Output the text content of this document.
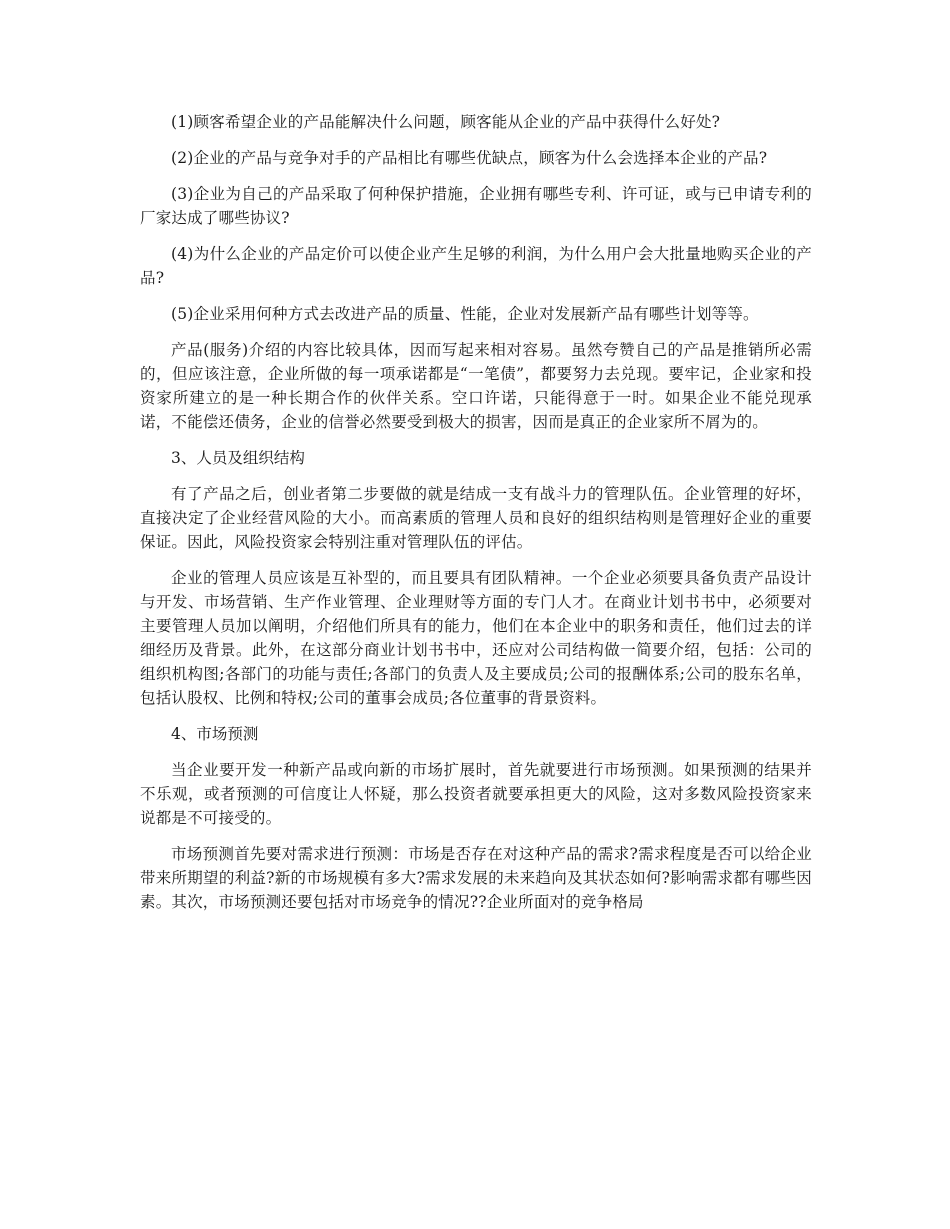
(1)顾客希望企业的产品能解决什么问题，顾客能从企业的产品中获得什么好处?

(2)企业的产品与竞争对手的产品相比有哪些优缺点，顾客为什么会选择本企业的产品?

(3)企业为自己的产品采取了何种保护措施，企业拥有哪些专利、许可证，或与已申请专利的厂家达成了哪些协议?

(4)为什么企业的产品定价可以使企业产生足够的利润，为什么用户会大批量地购买企业的产品?

(5)企业采用何种方式去改进产品的质量、性能，企业对发展新产品有哪些计划等等。

产品(服务)介绍的内容比较具体，因而写起来相对容易。虽然夸赞自己的产品是推销所必需的，但应该注意，企业所做的每一项承诺都是“一笔债”，都要努力去兑现。要牢记，企业家和投资家所建立的是一种长期合作的伙伴关系。空口许诺，只能得意于一时。如果企业不能兑现承诺，不能偿还债务，企业的信誉必然要受到极大的损害，因而是真正的企业家所不屑为的。

3、人员及组织结构

有了产品之后，创业者第二步要做的就是结成一支有战斗力的管理队伍。企业管理的好坏，直接决定了企业经营风险的大小。而高素质的管理人员和良好的组织结构则是管理好企业的重要保证。因此，风险投资家会特别注重对管理队伍的评估。

企业的管理人员应该是互补型的，而且要具有团队精神。一个企业必须要具备负责产品设计与开发、市场营销、生产作业管理、企业理财等方面的专门人才。在商业计划书书中，必须要对主要管理人员加以阐明，介绍他们所具有的能力，他们在本企业中的职务和责任，他们过去的详细经历及背景。此外，在这部分商业计划书书中，还应对公司结构做一简要介绍，包括：公司的组织机构图;各部门的功能与责任;各部门的负责人及主要成员;公司的报酬体系;公司的股东名单，包括认股权、比例和特权;公司的董事会成员;各位董事的背景资料。

4、市场预测

当企业要开发一种新产品或向新的市场扩展时，首先就要进行市场预测。如果预测的结果并不乐观，或者预测的可信度让人怀疑，那么投资者就要承担更大的风险，这对多数风险投资家来说都是不可接受的。

市场预测首先要对需求进行预测：市场是否存在对这种产品的需求?需求程度是否可以给企业带来所期望的利益?新的市场规模有多大?需求发展的未来趋向及其状态如何?影响需求都有哪些因素。其次，市场预测还要包括对市场竞争的情况??企业所面对的竞争格局
